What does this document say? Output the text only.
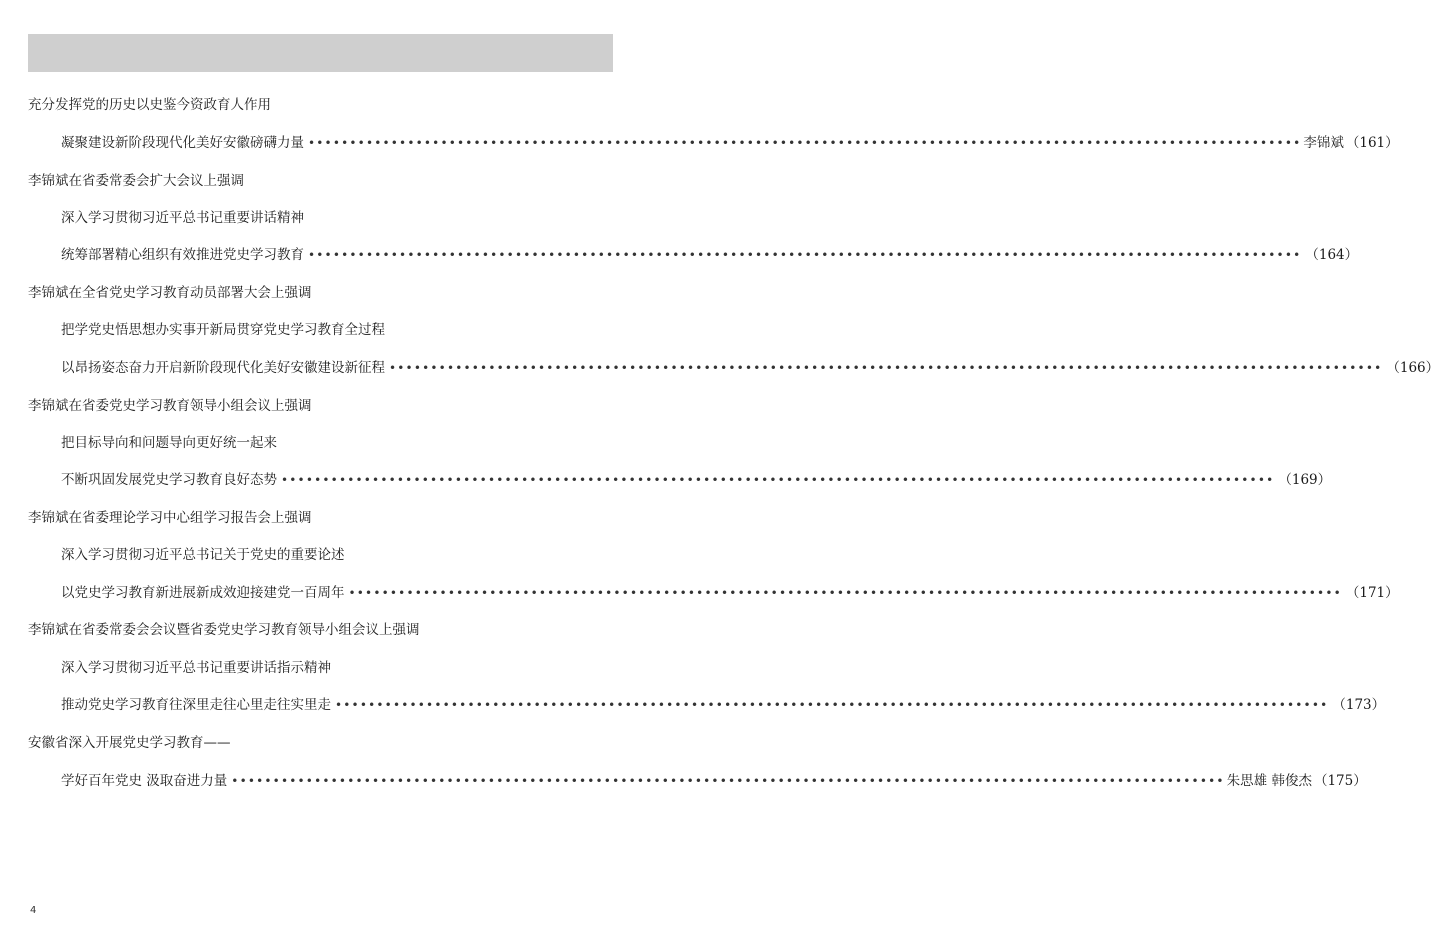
充分发挥党的历史以史鉴今资政育人作用
凝聚建设新阶段现代化美好安徽磅礴力量 •••••••••••••••••••••••••••••••••••••••••••••••••••••••••••••••••••••••••••••••••••••••••••••••••••••••••••••••••••••••• 李锦斌 （161）
李锦斌在省委常委会扩大会议上强调
深入学习贯彻习近平总书记重要讲话精神
统筹部署精心组织有效推进党史学习教育 •••••••••••••••••••••••••••••••••••••••••••••••••••••••••••••••••••••••••••••••••••••••••••••••••••••••••••••••••••••••• （164）
李锦斌在全省党史学习教育动员部署大会上强调
把学党史悟思想办实事开新局贯穿党史学习教育全过程
以昂扬姿态奋力开启新阶段现代化美好安徽建设新征程 •••••••••••••••••••••••••••••••••••••••••••••••••••••••••••••••••••••••••••••••••••••••••••••••••••••••••••••••••••••••• （166）
李锦斌在省委党史学习教育领导小组会议上强调
把目标导向和问题导向更好统一起来
不断巩固发展党史学习教育良好态势 •••••••••••••••••••••••••••••••••••••••••••••••••••••••••••••••••••••••••••••••••••••••••••••••••••••••••••••••••••••••• （169）
李锦斌在省委理论学习中心组学习报告会上强调
深入学习贯彻习近平总书记关于党史的重要论述
以党史学习教育新进展新成效迎接建党一百周年 •••••••••••••••••••••••••••••••••••••••••••••••••••••••••••••••••••••••••••••••••••••••••••••••••••••••••••••••••••••••• （171）
李锦斌在省委常委会会议暨省委党史学习教育领导小组会议上强调
深入学习贯彻习近平总书记重要讲话指示精神
推动党史学习教育往深里走往心里走往实里走 •••••••••••••••••••••••••••••••••••••••••••••••••••••••••••••••••••••••••••••••••••••••••••••••••••••••••••••••••••••••• （173）
安徽省深入开展党史学习教育——
学好百年党史 汲取奋进力量 •••••••••••••••••••••••••••••••••••••••••••••••••••••••••••••••••••••••••••••••••••••••••••••••••••••••••••••••••••••••• 朱思雄 韩俊杰 （175）
4
